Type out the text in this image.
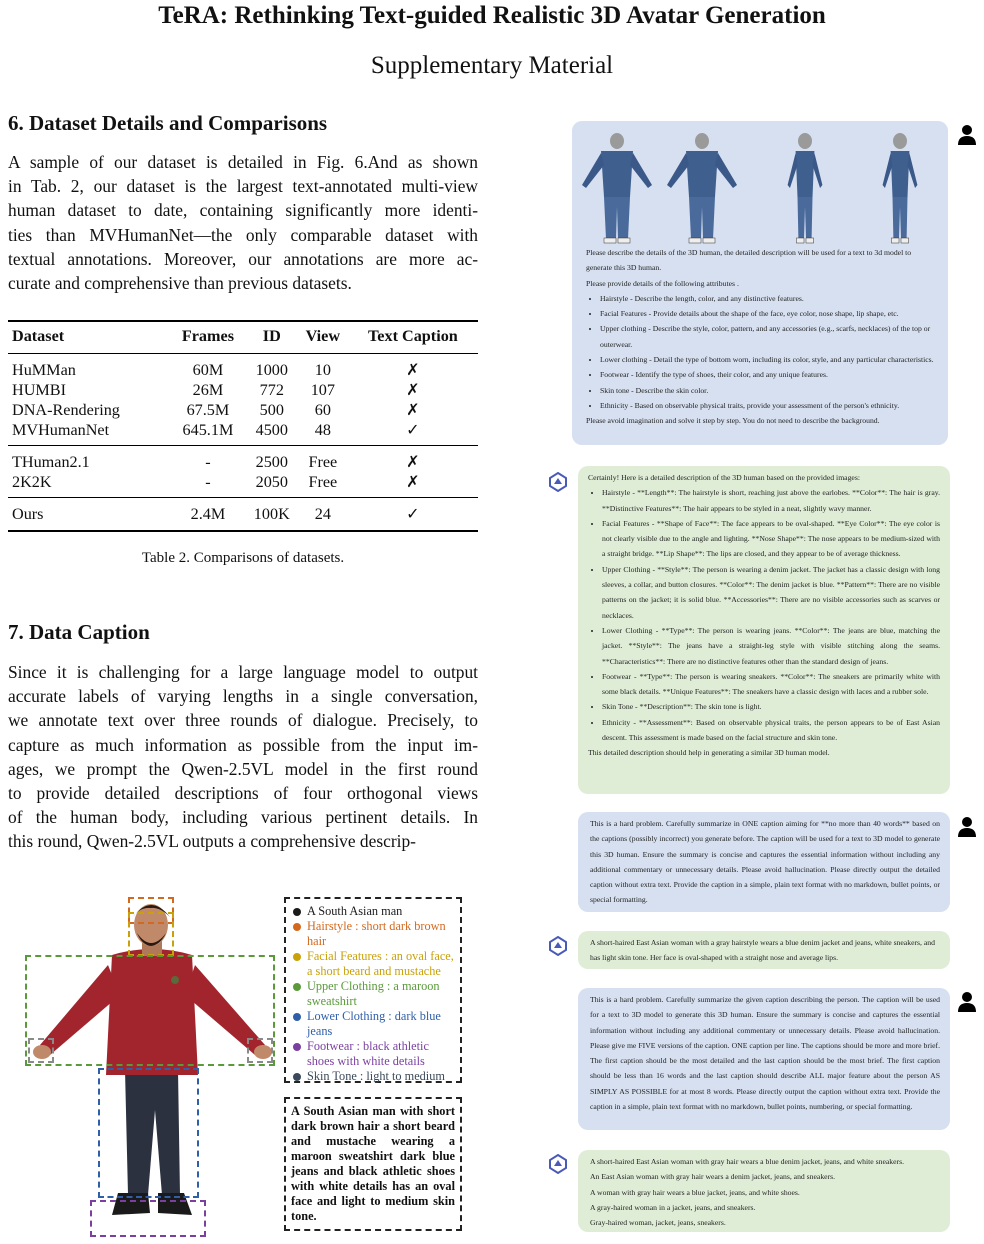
TeRA: Rethinking Text-guided Realistic 3D Avatar Generation
Supplementary Material
6. Dataset Details and Comparisons
A sample of our dataset is detailed in Fig. 6.And as shown
in Tab. 2, our dataset is the largest text-annotated multi-view
human dataset to date, containing significantly more identi-
ties than MVHumanNet—the only comparable dataset with
textual annotations. Moreover, our annotations are more ac-
curate and comprehensive than previous datasets.
Dataset	Frames	ID	View	Text Caption
HuMMan	60M	1000	10	✗
HUMBI	26M	772	107	✗
DNA-Rendering	67.5M	500	60	✗
MVHumanNet	645.1M	4500	48	✓
THuman2.1	-	2500	Free	✗
2K2K	-	2050	Free	✗
Ours	2.4M	100K	24	✓
Table 2. Comparisons of datasets.
7. Data Caption
Since it is challenging for a large language model to output
accurate labels of varying lengths in a single conversation,
we annotate text over three rounds of dialogue. Precisely, to
capture as much information as possible from the input im-
ages, we prompt the Qwen-2.5VL model in the first round
to provide detailed descriptions of four orthogonal views
of the human body, including various pertinent details. In
this round, Qwen-2.5VL outputs a comprehensive descrip-
A South Asian man
Hairstyle : short dark brown hair
Facial Features : an oval face, a short beard and mustache
Upper Clothing : a maroon sweatshirt
Lower Clothing : dark blue jeans
Footwear : black athletic shoes with white details
Skin Tone : light to medium
A South Asian man with short dark brown hair a short beard and mustache wearing a maroon sweatshirt dark blue jeans and black athletic shoes with white details has an oval face and light to medium skin tone.
Please describe the details of the 3D human, the detailed description will be used for a text to 3d model to generate this 3D human.
Please provide details of the following attributes .
• Hairstyle - Describe the length, color, and any distinctive features.
• Facial Features - Provide details about the shape of the face, eye color, nose shape, lip shape, etc.
• Upper clothing - Describe the style, color, pattern, and any accessories (e.g., scarfs, necklaces) of the top or outerwear.
• Lower clothing - Detail the type of bottom worn, including its color, style, and any particular characteristics.
• Footwear - Identify the type of shoes, their color, and any unique features.
• Skin tone - Describe the skin color.
• Ethnicity - Based on observable physical traits, provide your assessment of the person's ethnicity.
Please avoid imagination and solve it step by step. You do not need to describe the background.
Certainly! Here is a detailed description of the 3D human based on the provided images:
• Hairstyle - **Length**: The hairstyle is short, reaching just above the earlobes. **Color**: The hair is gray. **Distinctive Features**: The hair appears to be styled in a neat, slightly wavy manner.
• Facial Features - **Shape of Face**: The face appears to be oval-shaped. **Eye Color**: The eye color is not clearly visible due to the angle and lighting. **Nose Shape**: The nose appears to be medium-sized with a straight bridge. **Lip Shape**: The lips are closed, and they appear to be of average thickness.
• Upper Clothing - **Style**: The person is wearing a denim jacket. The jacket has a classic design with long sleeves, a collar, and button closures. **Color**: The denim jacket is blue. **Pattern**: There are no visible patterns on the jacket; it is solid blue. **Accessories**: There are no visible accessories such as scarves or necklaces.
• Lower Clothing - **Type**: The person is wearing jeans. **Color**: The jeans are blue, matching the jacket. **Style**: The jeans have a straight-leg style with visible stitching along the seams. **Characteristics**: There are no distinctive features other than the standard design of jeans.
• Footwear - **Type**: The person is wearing sneakers. **Color**: The sneakers are primarily white with some black details. **Unique Features**: The sneakers have a classic design with laces and a rubber sole.
• Skin Tone - **Description**: The skin tone is light.
• Ethnicity - **Assessment**: Based on observable physical traits, the person appears to be of East Asian descent. This assessment is made based on the facial structure and skin tone.
This detailed description should help in generating a similar 3D human model.
This is a hard problem. Carefully summarize in ONE caption aiming for **no more than 40 words** based on the captions (possibly incorrect) you generate before. The caption will be used for a text to 3D model to generate this 3D human. Ensure the summary is concise and captures the essential information without including any additional commentary or unnecessary details. Please avoid hallucination. Please directly output the detailed caption without extra text. Provide the caption in a simple, plain text format with no markdown, bullet points, or special formatting.
A short-haired East Asian woman with a gray hairstyle wears a blue denim jacket and jeans, white sneakers, and has light skin tone. Her face is oval-shaped with a straight nose and average lips.
This is a hard problem. Carefully summarize the given caption describing the person. The caption will be used for a text to 3D model to generate this 3D human. Ensure the summary is concise and captures the essential information without including any additional commentary or unnecessary details. Please avoid hallucination. Please give me FIVE versions of the caption. ONE caption per line. The captions should be more and more brief. The first caption should be the most detailed and the last caption should be the most brief. The first caption should be less than 16 words and the last caption should describe ALL major feature about the person AS SIMPLY AS POSSIBLE for at most 8 words. Please directly output the caption without extra text. Provide the caption in a simple, plain text format with no markdown, bullet points, numbering, or special formatting.
A short-haired East Asian woman with gray hair wears a blue denim jacket, jeans, and white sneakers.
An East Asian woman with gray hair wears a denim jacket, jeans, and sneakers.
A woman with gray hair wears a blue jacket, jeans, and white shoes.
A gray-haired woman in a jacket, jeans, and sneakers.
Gray-haired woman, jacket, jeans, sneakers.
